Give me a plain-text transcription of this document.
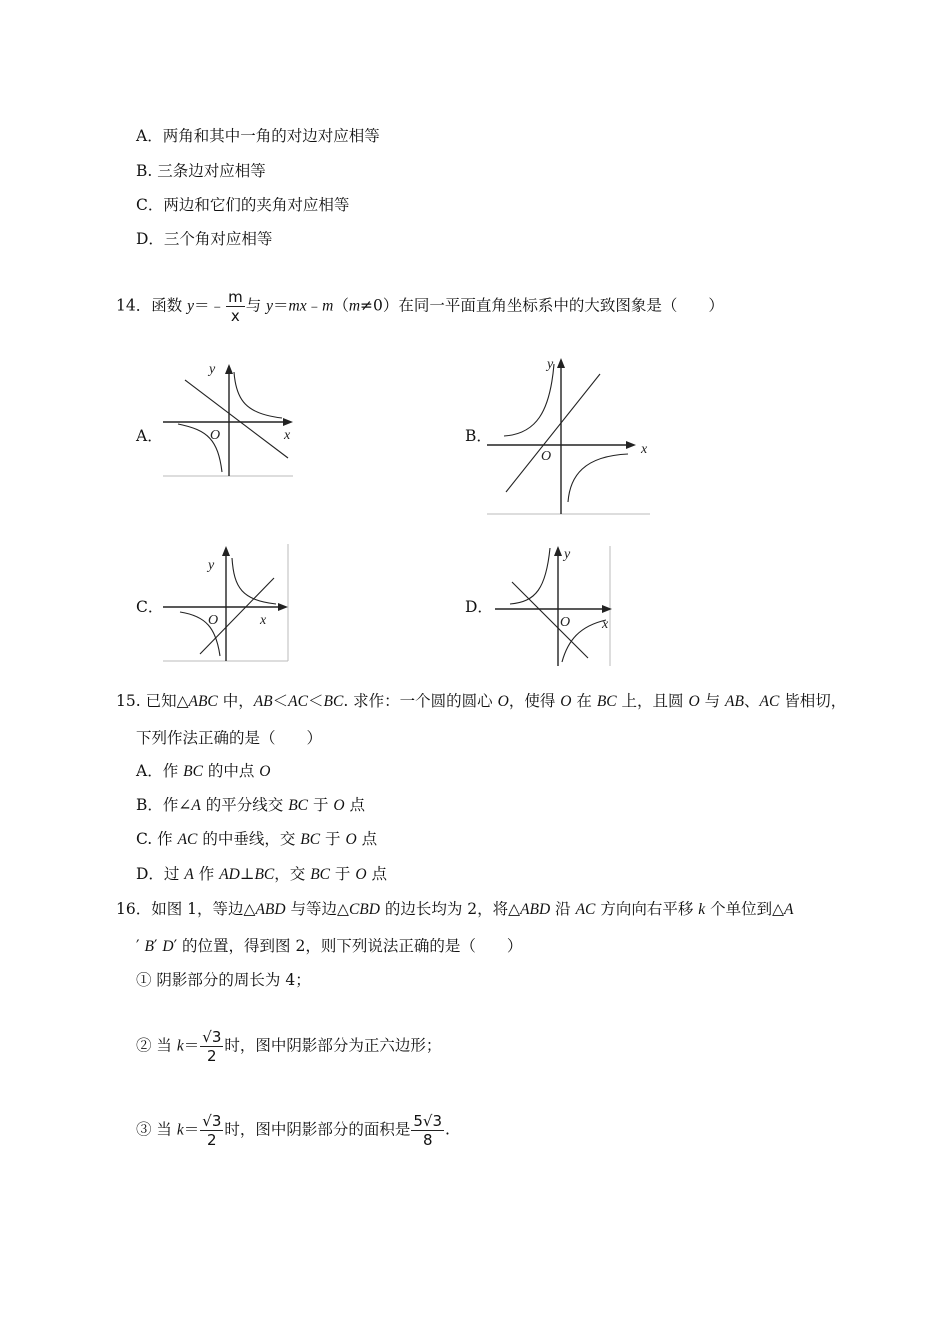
A．两角和其中一角的对边对应相等
B. 三条边对应相等
C．两边和它们的夹角对应相等
D．三个角对应相等
14．函数 y＝﹣ $\frac{m}{x}$ 与 y＝mx﹣m（m≠0）在同一平面直角坐标系中的大致图象是（　　）
A．	B．
C．	D．
y
x
O
y
x
O
y
x
O
y
x
O
15. 已知△ABC 中，AB＜AC＜BC. 求作：一个圆的圆心 O，使得 O 在 BC 上，且圆 O 与 AB、AC 皆相切，
下列作法正确的是（　　）
A．作 BC 的中点 O
B．作∠A 的平分线交 BC 于 O 点
C. 作 AC 的中垂线，交 BC 于 O 点
D．过 A 作 AD⊥BC，交 BC 于 O 点
16．如图 1，等边△ABD 与等边△CBD 的边长均为 2，将△ABD 沿 AC 方向向右平移 k 个单位到△A
′ B′ D′ 的位置，得到图 2，则下列说法正确的是（　　）
① 阴影部分的周长为 4；
② 当 $k= \frac{√3}{2}$ 时，图中阴影部分为正六边形；
③ 当 $k= \frac{√3}{2}$ 时，图中阴影部分的面积是 $\frac{5√3}{8}$ .
